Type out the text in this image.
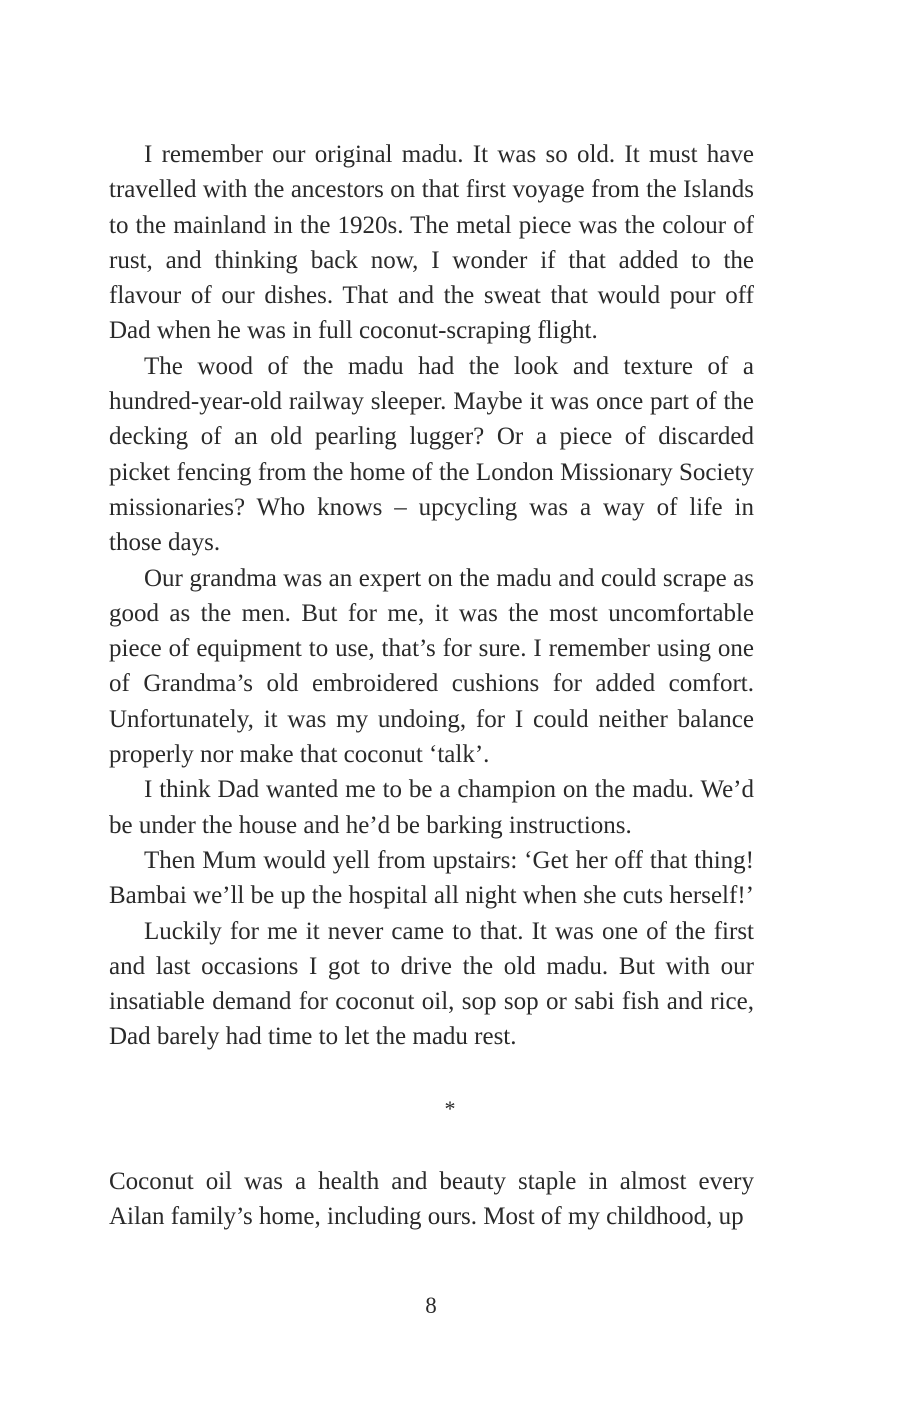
I remember our original madu. It was so old. It must have travelled with the ancestors on that first voyage from the Islands to the mainland in the 1920s. The metal piece was the colour of rust, and thinking back now, I wonder if that added to the flavour of our dishes. That and the sweat that would pour off Dad when he was in full coconut-scraping flight.

The wood of the madu had the look and texture of a hundred-year-old railway sleeper. Maybe it was once part of the decking of an old pearling lugger? Or a piece of discarded picket fencing from the home of the London Missionary Society missionaries? Who knows – upcycling was a way of life in those days.

Our grandma was an expert on the madu and could scrape as good as the men. But for me, it was the most uncomfortable piece of equipment to use, that’s for sure. I remember using one of Grandma’s old embroidered cushions for added comfort. Unfortunately, it was my undoing, for I could neither balance properly nor make that coconut ‘talk’.

I think Dad wanted me to be a champion on the madu. We’d be under the house and he’d be barking instructions.

Then Mum would yell from upstairs: ‘Get her off that thing! Bambai we’ll be up the hospital all night when she cuts herself!’

Luckily for me it never came to that. It was one of the first and last occasions I got to drive the old madu. But with our insatiable demand for coconut oil, sop sop or sabi fish and rice, Dad barely had time to let the madu rest.

*

Coconut oil was a health and beauty staple in almost every Ailan family’s home, including ours. Most of my childhood, up

8
